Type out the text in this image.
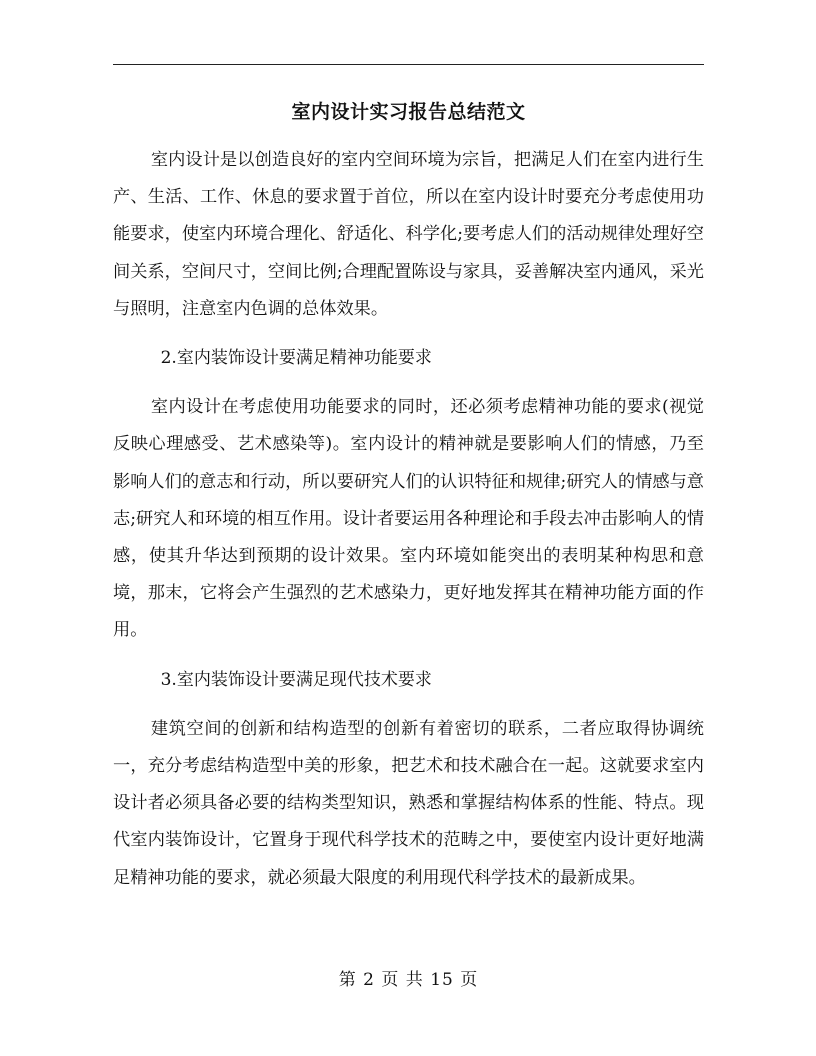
室内设计实习报告总结范文

室内设计是以创造良好的室内空间环境为宗旨，把满足人们在室内进行生产、生活、工作、休息的要求置于首位，所以在室内设计时要充分考虑使用功能要求，使室内环境合理化、舒适化、科学化;要考虑人们的活动规律处理好空间关系，空间尺寸，空间比例;合理配置陈设与家具，妥善解决室内通风，采光与照明，注意室内色调的总体效果。

2.室内装饰设计要满足精神功能要求

室内设计在考虑使用功能要求的同时，还必须考虑精神功能的要求(视觉反映心理感受、艺术感染等)。室内设计的精神就是要影响人们的情感，乃至影响人们的意志和行动，所以要研究人们的认识特征和规律;研究人的情感与意志;研究人和环境的相互作用。设计者要运用各种理论和手段去冲击影响人的情感，使其升华达到预期的设计效果。室内环境如能突出的表明某种构思和意境，那末，它将会产生强烈的艺术感染力，更好地发挥其在精神功能方面的作用。

3.室内装饰设计要满足现代技术要求

建筑空间的创新和结构造型的创新有着密切的联系，二者应取得协调统一，充分考虑结构造型中美的形象，把艺术和技术融合在一起。这就要求室内设计者必须具备必要的结构类型知识，熟悉和掌握结构体系的性能、特点。现代室内装饰设计，它置身于现代科学技术的范畴之中，要使室内设计更好地满足精神功能的要求，就必须最大限度的利用现代科学技术的最新成果。

第 2 页 共 15 页
